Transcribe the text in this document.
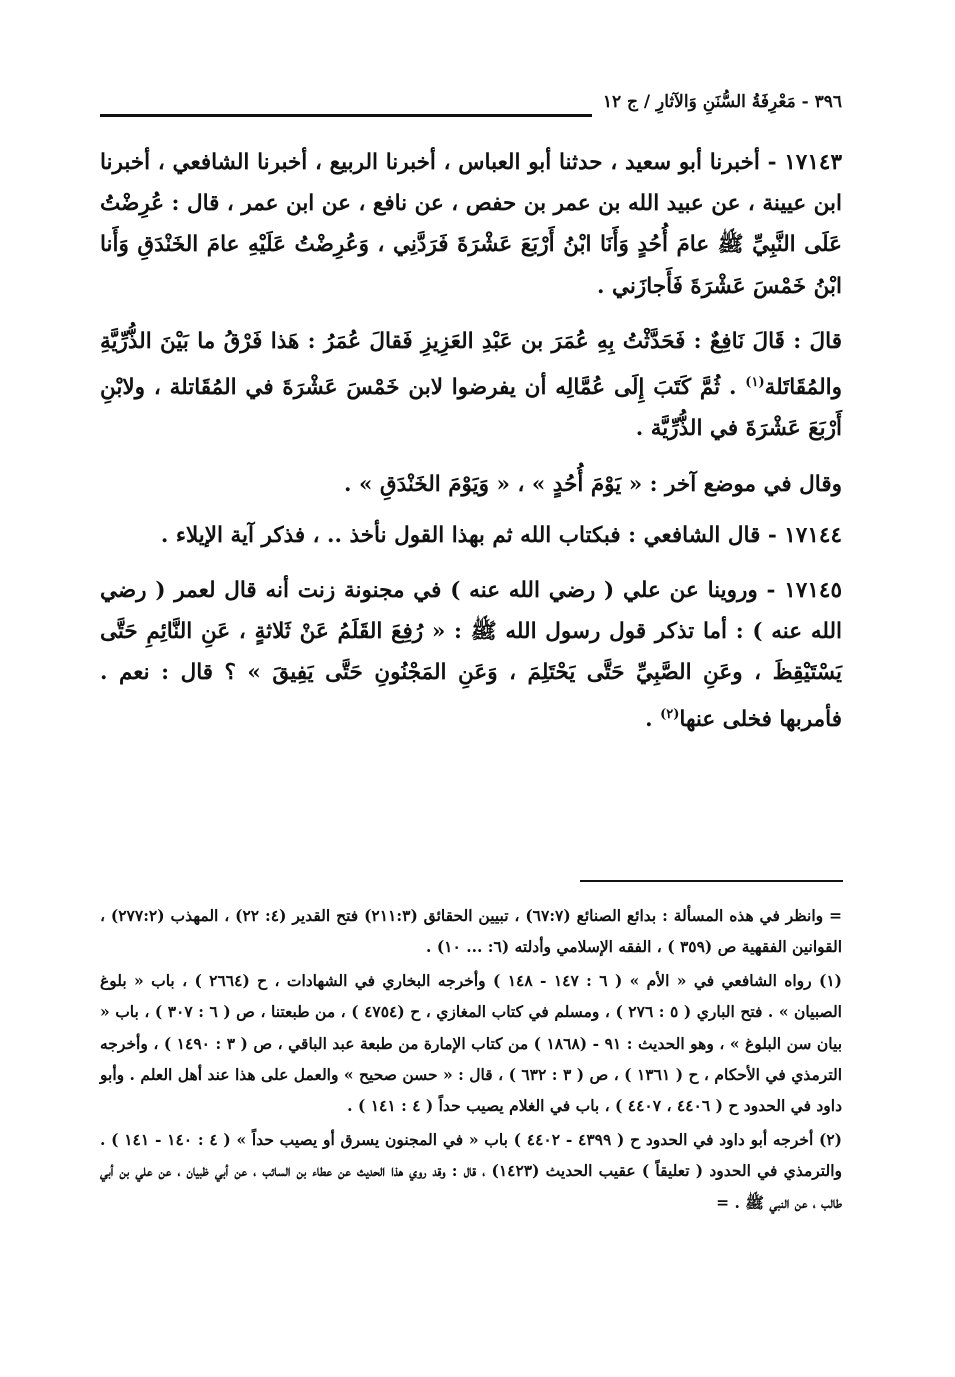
٣٩٦ - مَعْرِفَةُ السُّنَنِ وَالآثارِ / ج ١٢

١٧١٤٣ - أخبرنا أبو سعيد ، حدثنا أبو العباس ، أخبرنا الربيع ، أخبرنا الشافعي ، أخبرنا ابن عيينة ، عن عبيد الله بن عمر بن حفص ، عن نافع ، عن ابن عمر ، قال : عُرِضْتُ عَلَى النَّبِيِّ ﷺ عامَ أُحُدٍ وَأَنَا ابْنُ أَرْبَعَ عَشْرَةَ فَرَدَّنِي ، وَعُرِضْتُ عَلَيْهِ عامَ الخَنْدَقِ وَأَنا ابْنُ خَمْسَ عَشْرَةَ فَأَجازَني .

قالَ : قَالَ نَافِعٌ : فَحَدَّثْتُ بِهِ عُمَرَ بن عَبْدِ العَزِيزِ فَقالَ عُمَرُ : هَذا فَرْقُ ما بَيْنَ الذُّرِّيَّةِ والمُقَاتَلة$^{(١)}$ . ثُمَّ كَتَبَ إِلَى عُمَّالِه أن يفرضوا لابن خَمْسَ عَشْرَةَ في المُقَاتلة ، ولابْنِ أَرْبَعَ عَشْرَةَ في الذُّرِّيَّة .

وقال في موضع آخر : « يَوْمَ أُحُدٍ » ، « وَيَوْمَ الخَنْدَقِ » .

١٧١٤٤ - قال الشافعي : فبكتاب الله ثم بهذا القول نأخذ .. ، فذكر آية الإيلاء .

١٧١٤٥ - وروينا عن علي ( رضي الله عنه ) في مجنونة زنت أنه قال لعمر ( رضي الله عنه ) : أما تذكر قول رسول الله ﷺ : « رُفِعَ القَلَمُ عَنْ ثَلاثةٍ ، عَنِ النَّائِمِ حَتَّى يَسْتَيْقِظَ ، وعَنِ الصَّبِيِّ حَتَّى يَحْتَلِمَ ، وَعَنِ المَجْنُونِ حَتَّى يَفِيقَ » ؟ قال : نعم . فأمربها فخلى عنها$^{(٢)}$ .

= وانظر في هذه المسألة : بدائع الصنائع (٦٧:٧) ، تبيين الحقائق (٢١١:٣) فتح القدير (٤: ٢٢) ، المهذب (٢٧٧:٢) ، القوانين الفقهية ص (٣٥٩ ) ، الفقه الإسلامي وأدلته (٦: ... ١٠) .

(١) رواه الشافعي في « الأم » ( ٦ : ١٤٧ - ١٤٨ ) وأخرجه البخاري في الشهادات ، ح (٢٦٦٤ ) ، باب « بلوغ الصبيان » . فتح الباري ( ٥ : ٢٧٦ ) ، ومسلم في كتاب المغازي ، ح (٤٧٥٤ ) ، من طبعتنا ، ص ( ٦ : ٣٠٧ ) ، باب « بيان سن البلوغ » ، وهو الحديث : ٩١ - (١٨٦٨ ) من كتاب الإمارة من طبعة عبد الباقي ، ص ( ٣ : ١٤٩٠ ) ، وأخرجه الترمذي في الأحكام ، ح ( ١٣٦١ ) ، ص ( ٣ : ٦٣٢ ) ، قال : « حسن صحيح » والعمل على هذا عند أهل العلم . وأبو داود في الحدود ح ( ٤٤٠٦ ، ٤٤٠٧ ) ، باب في الغلام يصيب حداً ( ٤ : ١٤١ ) .

(٢) أخرجه أبو داود في الحدود ح ( ٤٣٩٩ - ٤٤٠٢ ) باب « في المجنون يسرق أو يصيب حداً » ( ٤ : ١٤٠ - ١٤١ ) . والترمذي في الحدود ( تعليقاً ) عقيب الحديث (١٤٢٣) ، قال : وقد روي هذا الحديث عن عطاء بن السائب ، عن أبي ظبيان ، عن علي بن أبي طالب ، عن النبي ﷺ . =
